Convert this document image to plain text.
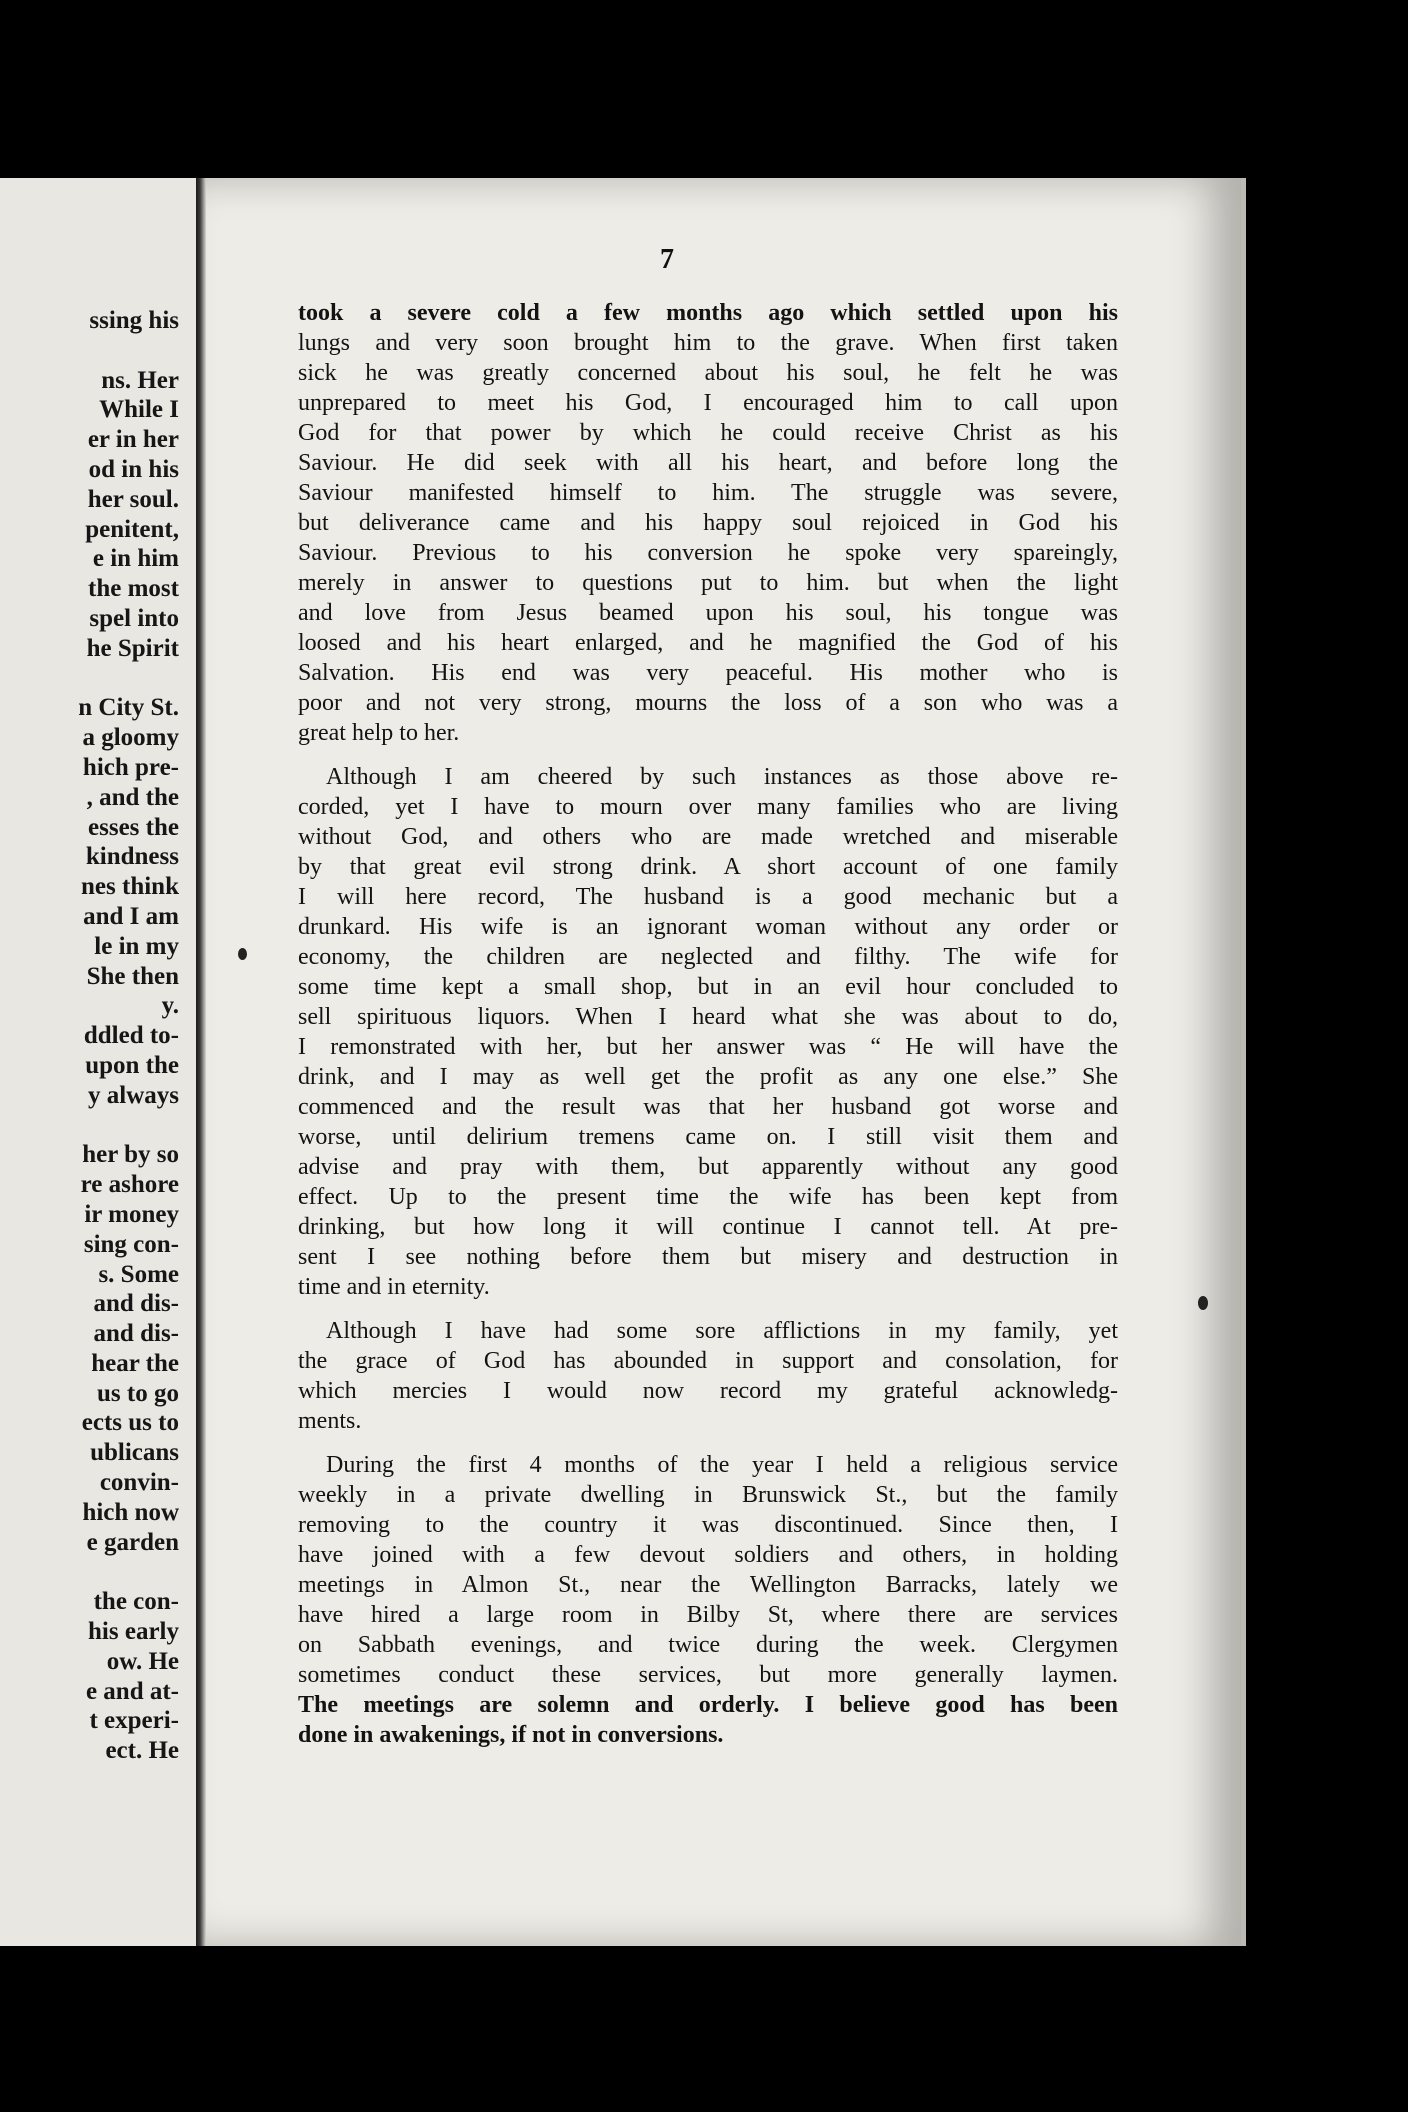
ssing his
ns. Her
While I
er in her
od in his
her soul.
penitent,
e in him
the most
spel into
he Spirit
n City St.
a gloomy
hich pre-
, and the
esses the
kindness
nes think
and I am
le in my
She then
y.
ddled to-
upon the
y always
her by so
re ashore
ir money
sing con-
s. Some
and dis-
and dis-
hear the
us to go
ects us to
ublicans
convin-
hich now
e garden
the con-
his early
ow. He
e and at-
t experi-
ect. He
7
took a severe cold a few months ago which settled upon his
lungs and very soon brought him to the grave. When first taken
sick he was greatly concerned about his soul, he felt he was
unprepared to meet his God, I encouraged him to call upon
God for that power by which he could receive Christ as his
Saviour. He did seek with all his heart, and before long the
Saviour manifested himself to him. The struggle was severe,
but deliverance came and his happy soul rejoiced in God his
Saviour. Previous to his conversion he spoke very spareingly,
merely in answer to questions put to him. but when the light
and love from Jesus beamed upon his soul, his tongue was
loosed and his heart enlarged, and he magnified the God of his
Salvation. His end was very peaceful. His mother who is
poor and not very strong, mourns the loss of a son who was a
great help to her.
Although I am cheered by such instances as those above re-
corded, yet I have to mourn over many families who are living
without God, and others who are made wretched and miserable
by that great evil strong drink. A short account of one family
I will here record, The husband is a good mechanic but a
drunkard. His wife is an ignorant woman without any order or
economy, the children are neglected and filthy. The wife for
some time kept a small shop, but in an evil hour concluded to
sell spirituous liquors. When I heard what she was about to do,
I remonstrated with her, but her answer was “ He will have the
drink, and I may as well get the profit as any one else.” She
commenced and the result was that her husband got worse and
worse, until delirium tremens came on. I still visit them and
advise and pray with them, but apparently without any good
effect. Up to the present time the wife has been kept from
drinking, but how long it will continue I cannot tell. At pre-
sent I see nothing before them but misery and destruction in
time and in eternity.
Although I have had some sore afflictions in my family, yet
the grace of God has abounded in support and consolation, for
which mercies I would now record my grateful acknowledg-
ments.
During the first 4 months of the year I held a religious service
weekly in a private dwelling in Brunswick St., but the family
removing to the country it was discontinued. Since then, I
have joined with a few devout soldiers and others, in holding
meetings in Almon St., near the Wellington Barracks, lately we
have hired a large room in Bilby St, where there are services
on Sabbath evenings, and twice during the week. Clergymen
sometimes conduct these services, but more generally laymen.
The meetings are solemn and orderly. I believe good has been
done in awakenings, if not in conversions.
